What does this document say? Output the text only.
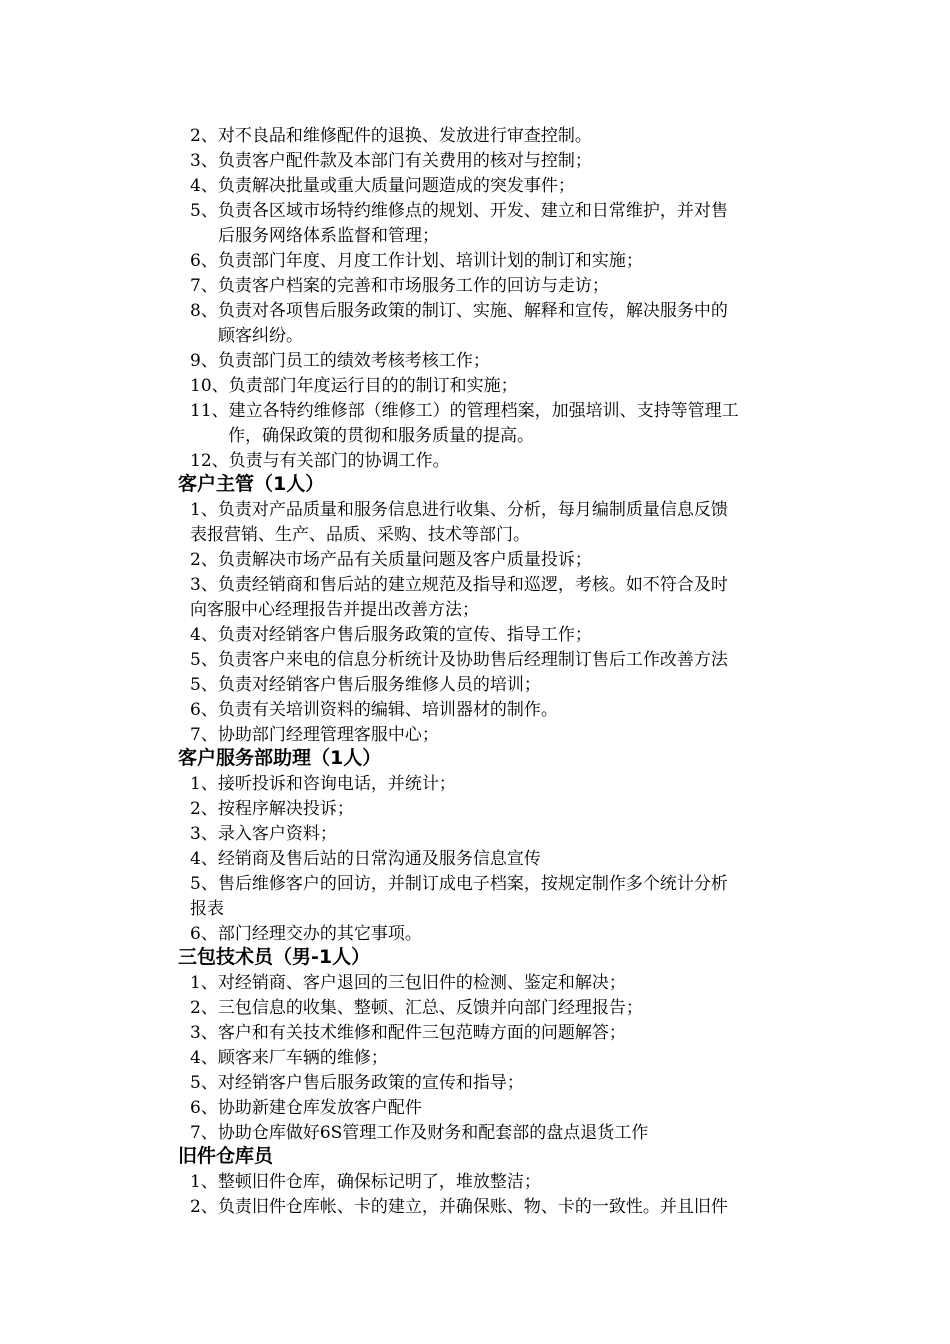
2、对不良品和维修配件的退换、发放进行审查控制。
3、负责客户配件款及本部门有关费用的核对与控制；
4、负责解决批量或重大质量问题造成的突发事件；
5、负责各区域市场特约维修点的规划、开发、建立和日常维护，并对售
后服务网络体系监督和管理；
6、负责部门年度、月度工作计划、培训计划的制订和实施；
7、负责客户档案的完善和市场服务工作的回访与走访；
8、负责对各项售后服务政策的制订、实施、解释和宣传，解决服务中的
顾客纠纷。
9、负责部门员工的绩效考核考核工作；
10、负责部门年度运行目的的制订和实施；
11、建立各特约维修部（维修工）的管理档案，加强培训、支持等管理工
作，确保政策的贯彻和服务质量的提高。
12、负责与有关部门的协调工作。
客户主管（1人）
1、负责对产品质量和服务信息进行收集、分析，每月编制质量信息反馈
表报营销、生产、品质、采购、技术等部门。
2、负责解决市场产品有关质量问题及客户质量投诉；
3、负责经销商和售后站的建立规范及指导和巡逻，考核。如不符合及时
向客服中心经理报告并提出改善方法；
4、负责对经销客户售后服务政策的宣传、指导工作；
5、负责客户来电的信息分析统计及协助售后经理制订售后工作改善方法
5、负责对经销客户售后服务维修人员的培训；
6、负责有关培训资料的编辑、培训器材的制作。
7、协助部门经理管理客服中心；
客户服务部助理（1人）
1、接听投诉和咨询电话，并统计；
2、按程序解决投诉；
3、录入客户资料；
4、经销商及售后站的日常沟通及服务信息宣传
5、售后维修客户的回访，并制订成电子档案，按规定制作多个统计分析
报表
6、部门经理交办的其它事项。
三包技术员（男-1人）
1、对经销商、客户退回的三包旧件的检测、鉴定和解决；
2、三包信息的收集、整顿、汇总、反馈并向部门经理报告；
3、客户和有关技术维修和配件三包范畴方面的问题解答；
4、顾客来厂车辆的维修；
5、对经销客户售后服务政策的宣传和指导；
6、协助新建仓库发放客户配件
7、协助仓库做好6S管理工作及财务和配套部的盘点退货工作
旧件仓库员
1、整顿旧件仓库，确保标记明了，堆放整洁；
2、负责旧件仓库帐、卡的建立，并确保账、物、卡的一致性。并且旧件
